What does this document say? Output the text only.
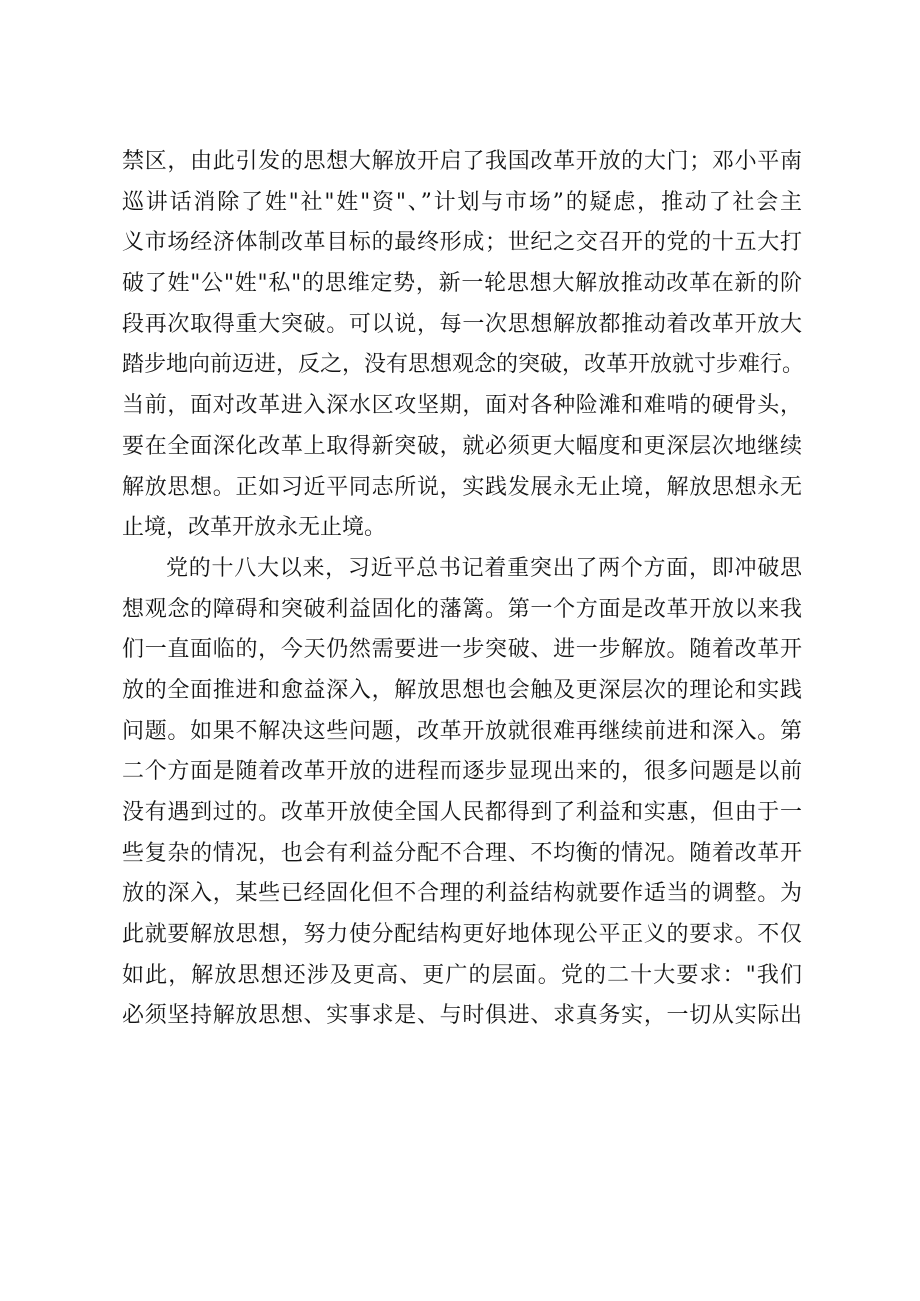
禁区，由此引发的思想大解放开启了我国改革开放的大门；邓小平南
巡讲话消除了姓"社"姓"资"、”计划与市场”的疑虑，推动了社会主
义市场经济体制改革目标的最终形成；世纪之交召开的党的十五大打
破了姓"公"姓"私"的思维定势，新一轮思想大解放推动改革在新的阶
段再次取得重大突破。可以说，每一次思想解放都推动着改革开放大
踏步地向前迈进，反之，没有思想观念的突破，改革开放就寸步难行。
当前，面对改革进入深水区攻坚期，面对各种险滩和难啃的硬骨头，
要在全面深化改革上取得新突破，就必须更大幅度和更深层次地继续
解放思想。正如习近平同志所说，实践发展永无止境，解放思想永无
止境，改革开放永无止境。
党的十八大以来，习近平总书记着重突出了两个方面，即冲破思
想观念的障碍和突破利益固化的藩篱。第一个方面是改革开放以来我
们一直面临的，今天仍然需要进一步突破、进一步解放。随着改革开
放的全面推进和愈益深入，解放思想也会触及更深层次的理论和实践
问题。如果不解决这些问题，改革开放就很难再继续前进和深入。第
二个方面是随着改革开放的进程而逐步显现出来的，很多问题是以前
没有遇到过的。改革开放使全国人民都得到了利益和实惠，但由于一
些复杂的情况，也会有利益分配不合理、不均衡的情况。随着改革开
放的深入，某些已经固化但不合理的利益结构就要作适当的调整。为
此就要解放思想，努力使分配结构更好地体现公平正义的要求。不仅
如此，解放思想还涉及更高、更广的层面。党的二十大要求："我们
必须坚持解放思想、实事求是、与时俱进、求真务实，一切从实际出
